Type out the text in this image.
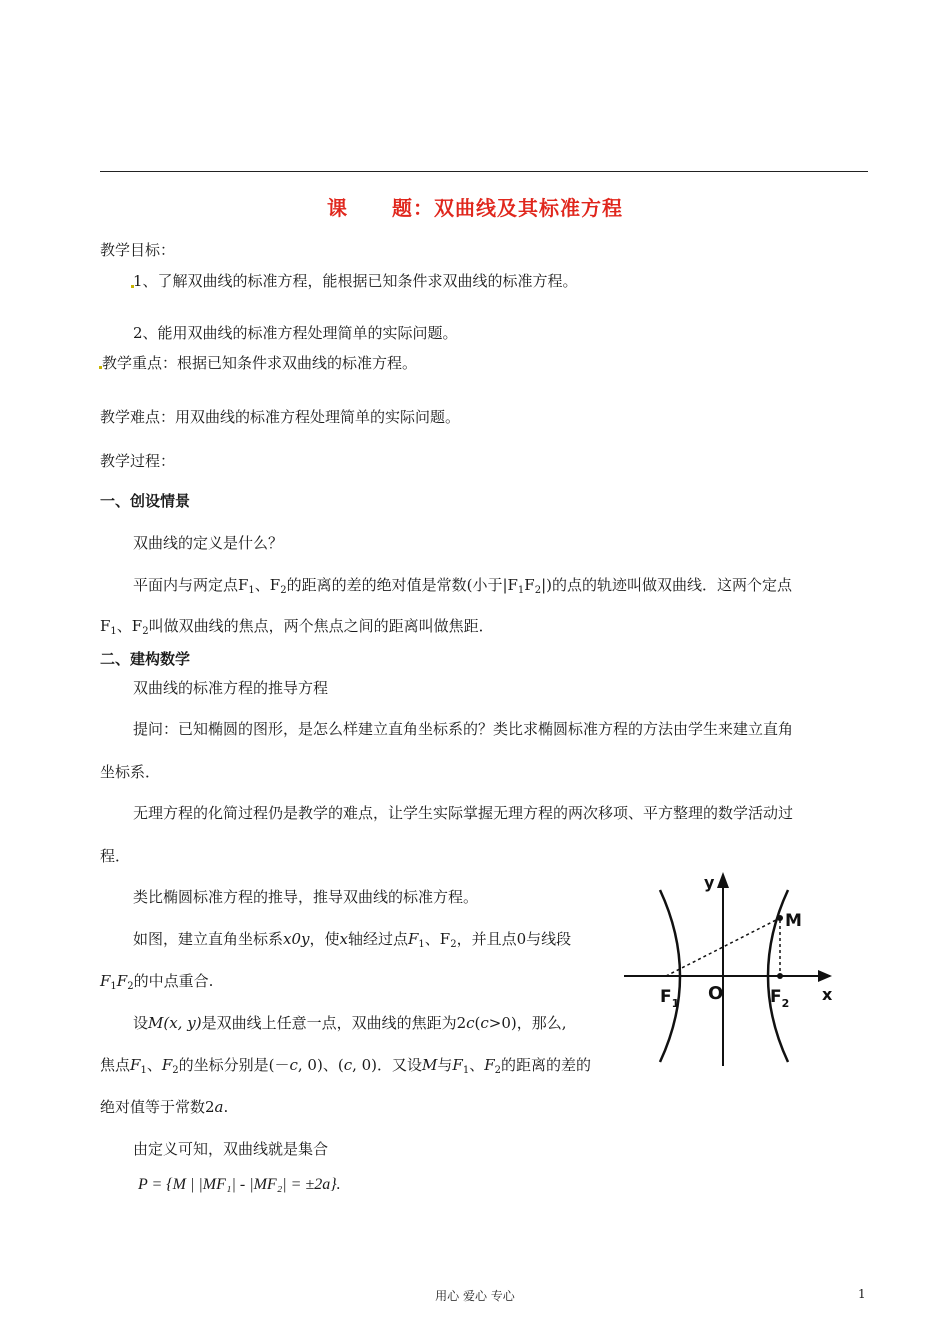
课 题：双曲线及其标准方程
教学目标：
1、了解双曲线的标准方程，能根据已知条件求双曲线的标准方程。
2、能用双曲线的标准方程处理简单的实际问题。
教学重点：根据已知条件求双曲线的标准方程。
教学难点：用双曲线的标准方程处理简单的实际问题。
教学过程：
一、创设情景
双曲线的定义是什么？
平面内与两定点$F_1$、$F_2$的距离的差的绝对值是常数(小于$|F_1F_2|$)的点的轨迹叫做双曲线．这两个定点
$F_1$、$F_2$叫做双曲线的焦点，两个焦点之间的距离叫做焦距．
二、建构数学
双曲线的标准方程的推导方程
提问：已知椭圆的图形，是怎么样建立直角坐标系的？类比求椭圆标准方程的方法由学生来建立直角
坐标系．
无理方程的化简过程仍是教学的难点，让学生实际掌握无理方程的两次移项、平方整理的数学活动过
程．
类比椭圆标准方程的推导，推导双曲线的标准方程。
如图，建立直角坐标系x0y，使x轴经过点$F_1$、$F_2$，并且点0与线段
$F_1F_2$的中点重合.
设M(x, y)是双曲线上任意一点，双曲线的焦距为2c(c>0)，那么,
焦点$F_1$、$F_2$的坐标分别是(－c, 0)、(c, 0)．又设M与$F_1$、$F_2$的距离的差的
绝对值等于常数2a.
由定义可知，双曲线就是集合
P = {M | |MF₁| - |MF₂| = ±2a}.
y
x
O
M
$F_1$	$F_2$
用心 爱心 专心	1
